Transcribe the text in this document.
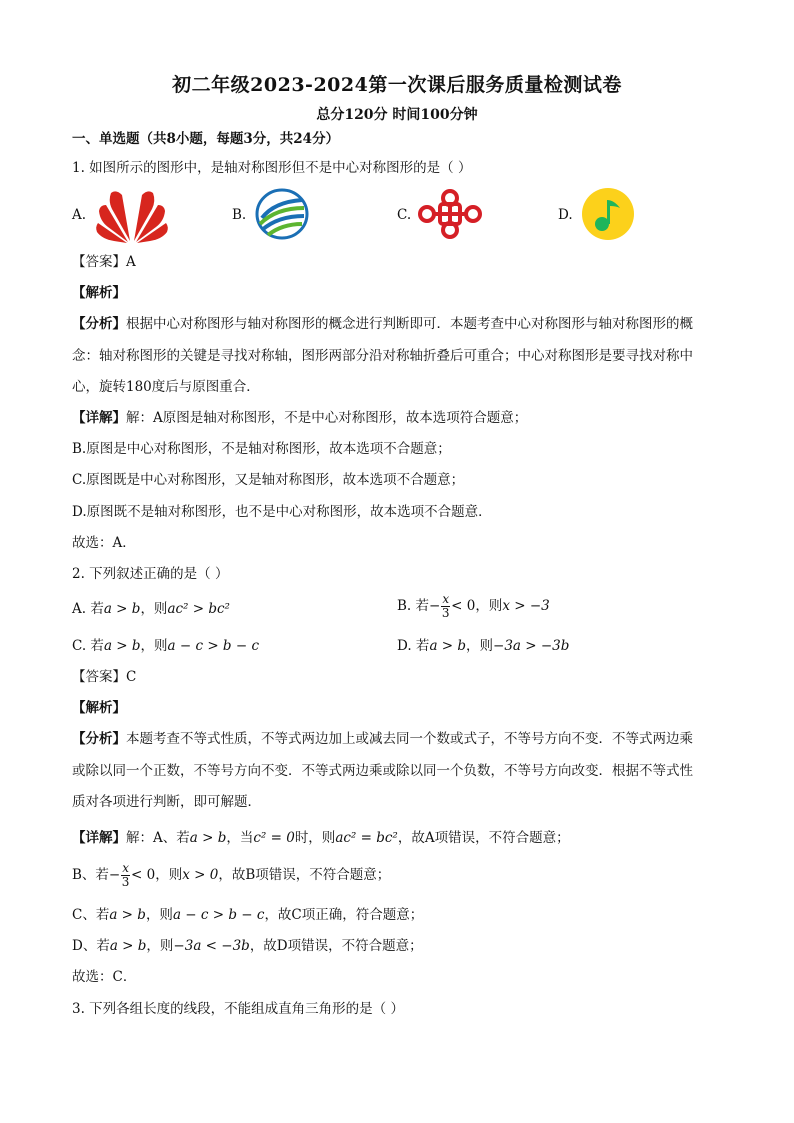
初二年级2023-2024第一次课后服务质量检测试卷
总分120分 时间100分钟
一、单选题（共8小题，每题3分，共24分）
1. 如图所示的图形中，是轴对称图形但不是中心对称图形的是（ ）
A.	B.	C.	D.
【答案】A
【解析】
【分析】根据中心对称图形与轴对称图形的概念进行判断即可．本题考查中心对称图形与轴对称图形的概
念：轴对称图形的关键是寻找对称轴，图形两部分沿对称轴折叠后可重合；中心对称图形是要寻找对称中
心，旋转180度后与原图重合．
【详解】解：A原图是轴对称图形，不是中心对称图形，故本选项符合题意；
B.原图是中心对称图形，不是轴对称图形，故本选项不合题意；
C.原图既是中心对称图形，又是轴对称图形，故本选项不合题意；
D.原图既不是轴对称图形，也不是中心对称图形，故本选项不合题意．
故选：A．
2. 下列叙述正确的是（ ）
A. 若a > b，则ac² > bc²	B. 若− $\frac{x}{3} < 0$，则x > −3
C. 若a > b，则a − c > b − c	D. 若a > b，则−3a > −3b
【答案】C
【解析】
【分析】本题考查不等式性质，不等式两边加上或减去同一个数或式子，不等号方向不变．不等式两边乘
或除以同一个正数，不等号方向不变．不等式两边乘或除以同一个负数，不等号方向改变．根据不等式性
质对各项进行判断，即可解题．
【详解】解：A、若a > b，当c² = 0时，则ac² = bc²，故A项错误，不符合题意；
B、若− $\frac{x}{3} < 0$，则x > 0，故B项错误，不符合题意；
C、若a > b，则a − c > b − c，故C项正确，符合题意；
D、若a > b，则−3a < −3b，故D项错误，不符合题意；
故选：C．
3. 下列各组长度的线段，不能组成直角三角形的是（ ）
